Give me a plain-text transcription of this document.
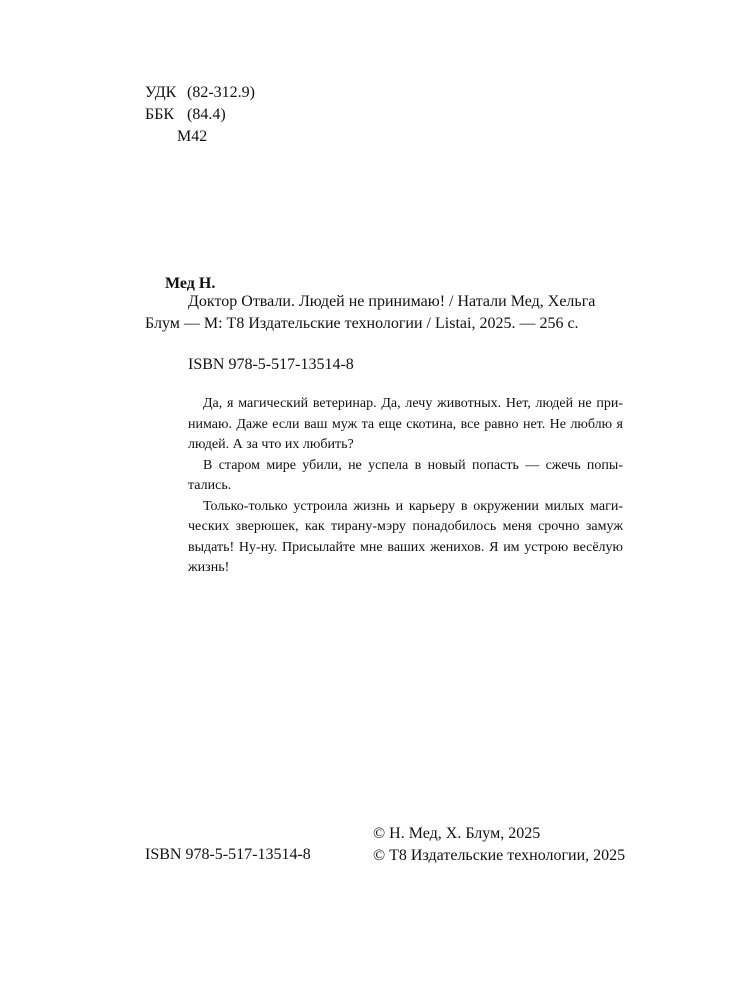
УДК (82-312.9)
ББК (84.4)
М42
Мед Н.
Доктор Отвали. Людей не принимаю! / Натали Мед, Хельга
Блум — М: Т8 Издательские технологии / Listai, 2025. — 256 с.
ISBN 978-5-517-13514-8

Да, я магический ветеринар. Да, лечу животных. Нет, людей не при-
нимаю. Даже если ваш муж та еще скотина, все равно нет. Не люблю я
людей. А за что их любить?

В старом мире убили, не успела в новый попасть — сжечь попы-
тались.

Только-только устроила жизнь и карьеру в окружении милых маги-
ческих зверюшек, как тирану-мэру понадобилось меня срочно замуж
выдать! Ну-ну. Присылайте мне ваших женихов. Я им устрою весёлую
жизнь!

ISBN 978-5-517-13514-8
© Н. Мед, Х. Блум, 2025
© Т8 Издательские технологии, 2025
